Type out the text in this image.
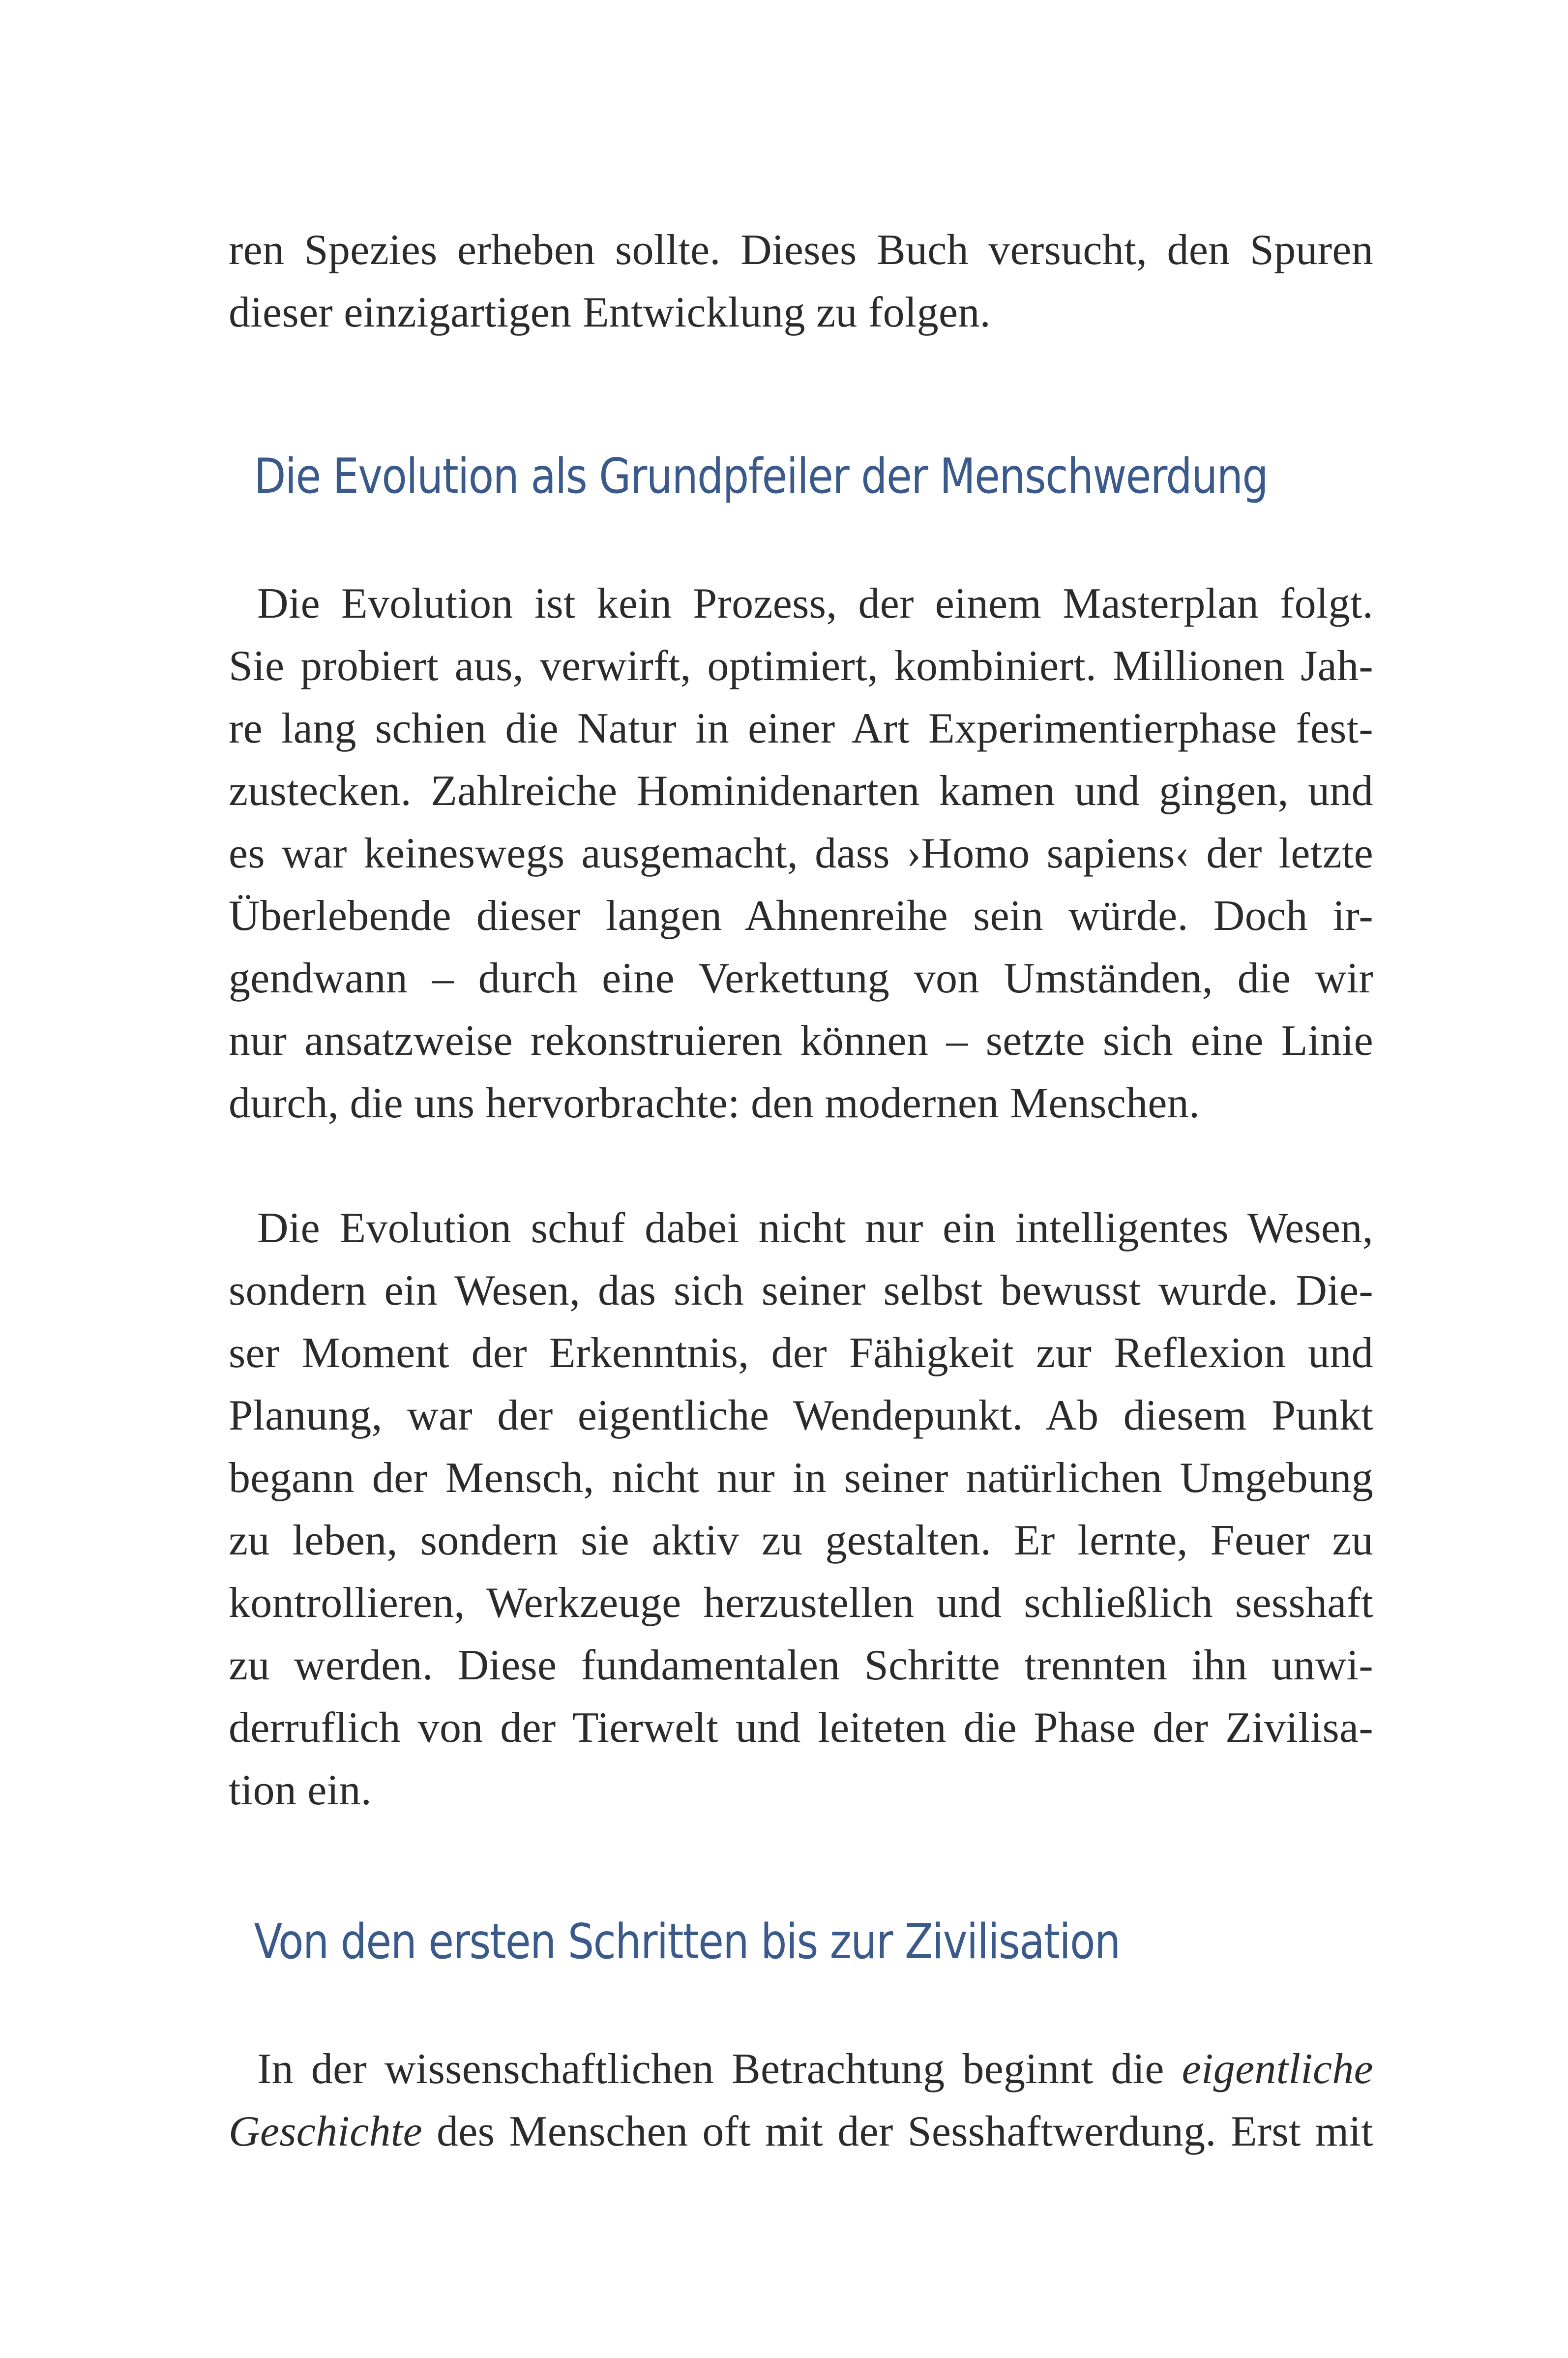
ren Spezies erheben sollte. Dieses Buch versucht, den Spuren
dieser einzigartigen Entwicklung zu folgen.

Die Evolution als Grundpfeiler der Menschwerdung

Die Evolution ist kein Prozess, der einem Masterplan folgt.
Sie probiert aus, verwirft, optimiert, kombiniert. Millionen Jah-
re lang schien die Natur in einer Art Experimentierphase fest-
zustecken. Zahlreiche Hominidenarten kamen und gingen, und
es war keineswegs ausgemacht, dass ›Homo sapiens‹ der letzte
Überlebende dieser langen Ahnenreihe sein würde. Doch ir-
gendwann – durch eine Verkettung von Umständen, die wir
nur ansatzweise rekonstruieren können – setzte sich eine Linie
durch, die uns hervorbrachte: den modernen Menschen.

Die Evolution schuf dabei nicht nur ein intelligentes Wesen,
sondern ein Wesen, das sich seiner selbst bewusst wurde. Die-
ser Moment der Erkenntnis, der Fähigkeit zur Reflexion und
Planung, war der eigentliche Wendepunkt. Ab diesem Punkt
begann der Mensch, nicht nur in seiner natürlichen Umgebung
zu leben, sondern sie aktiv zu gestalten. Er lernte, Feuer zu
kontrollieren, Werkzeuge herzustellen und schließlich sesshaft
zu werden. Diese fundamentalen Schritte trennten ihn unwi-
derruflich von der Tierwelt und leiteten die Phase der Zivilisa-
tion ein.

Von den ersten Schritten bis zur Zivilisation

In der wissenschaftlichen Betrachtung beginnt die eigentliche
Geschichte des Menschen oft mit der Sesshaftwerdung. Erst mit
